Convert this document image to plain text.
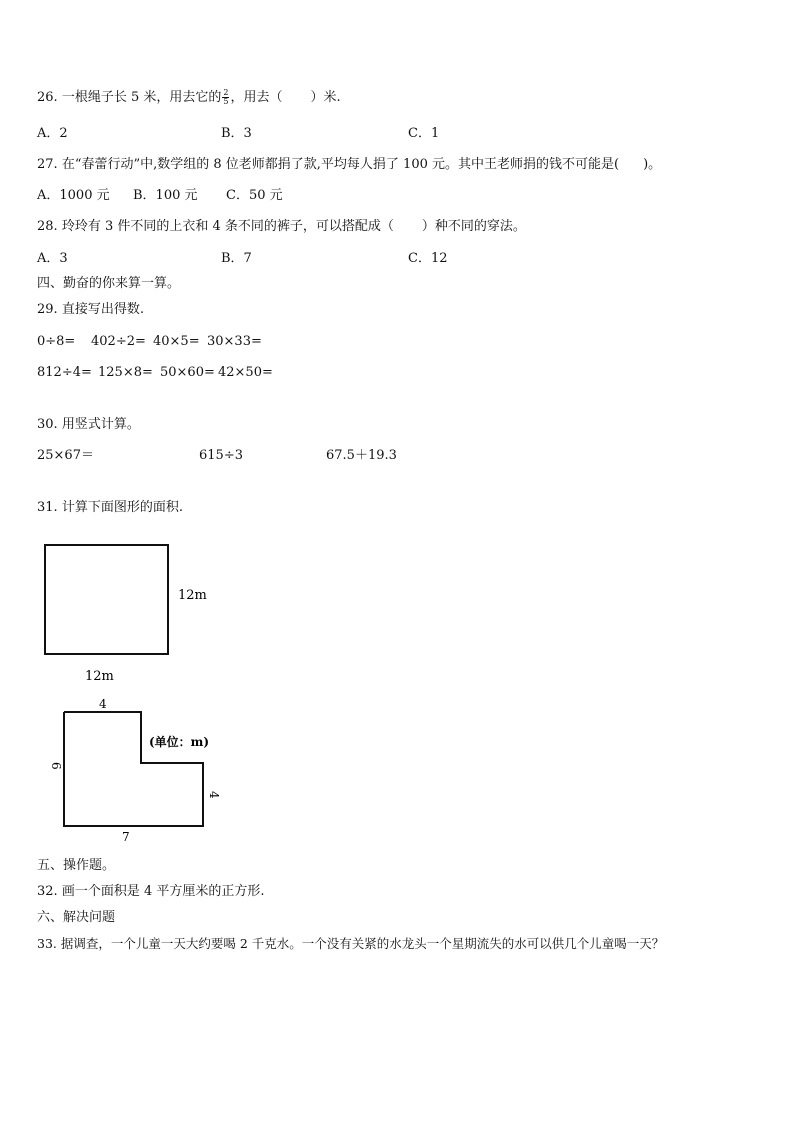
26. 一根绳子长 5 米，用去它的 $\frac{2}{5}$ ，用去（ ）米.
A．2	B．3	C．1
27. 在“春蕾行动”中,数学组的 8 位老师都捐了款,平均每人捐了 100 元。其中王老师捐的钱不可能是( )。
A．1000 元 B．100 元 C．50 元
28. 玲玲有 3 件不同的上衣和 4 条不同的裤子，可以搭配成（ ）种不同的穿法。
A．3	B．7	C．12
四、勤奋的你来算一算。
29. 直接写出得数.
0÷8= 402÷2= 40×5= 30×33=
812÷4= 125×8= 50×60= 42×50=
30. 用竖式计算。
25×67＝	615÷3	67.5＋19.3
31. 计算下面图形的面积.
12m
12m
4
6
4
7
(单位：m)
五、操作题。
32. 画一个面积是 4 平方厘米的正方形.
六、解决问题
33. 据调查，一个儿童一天大约要喝 2 千克水。一个没有关紧的水龙头一个星期流失的水可以供几个儿童喝一天？
